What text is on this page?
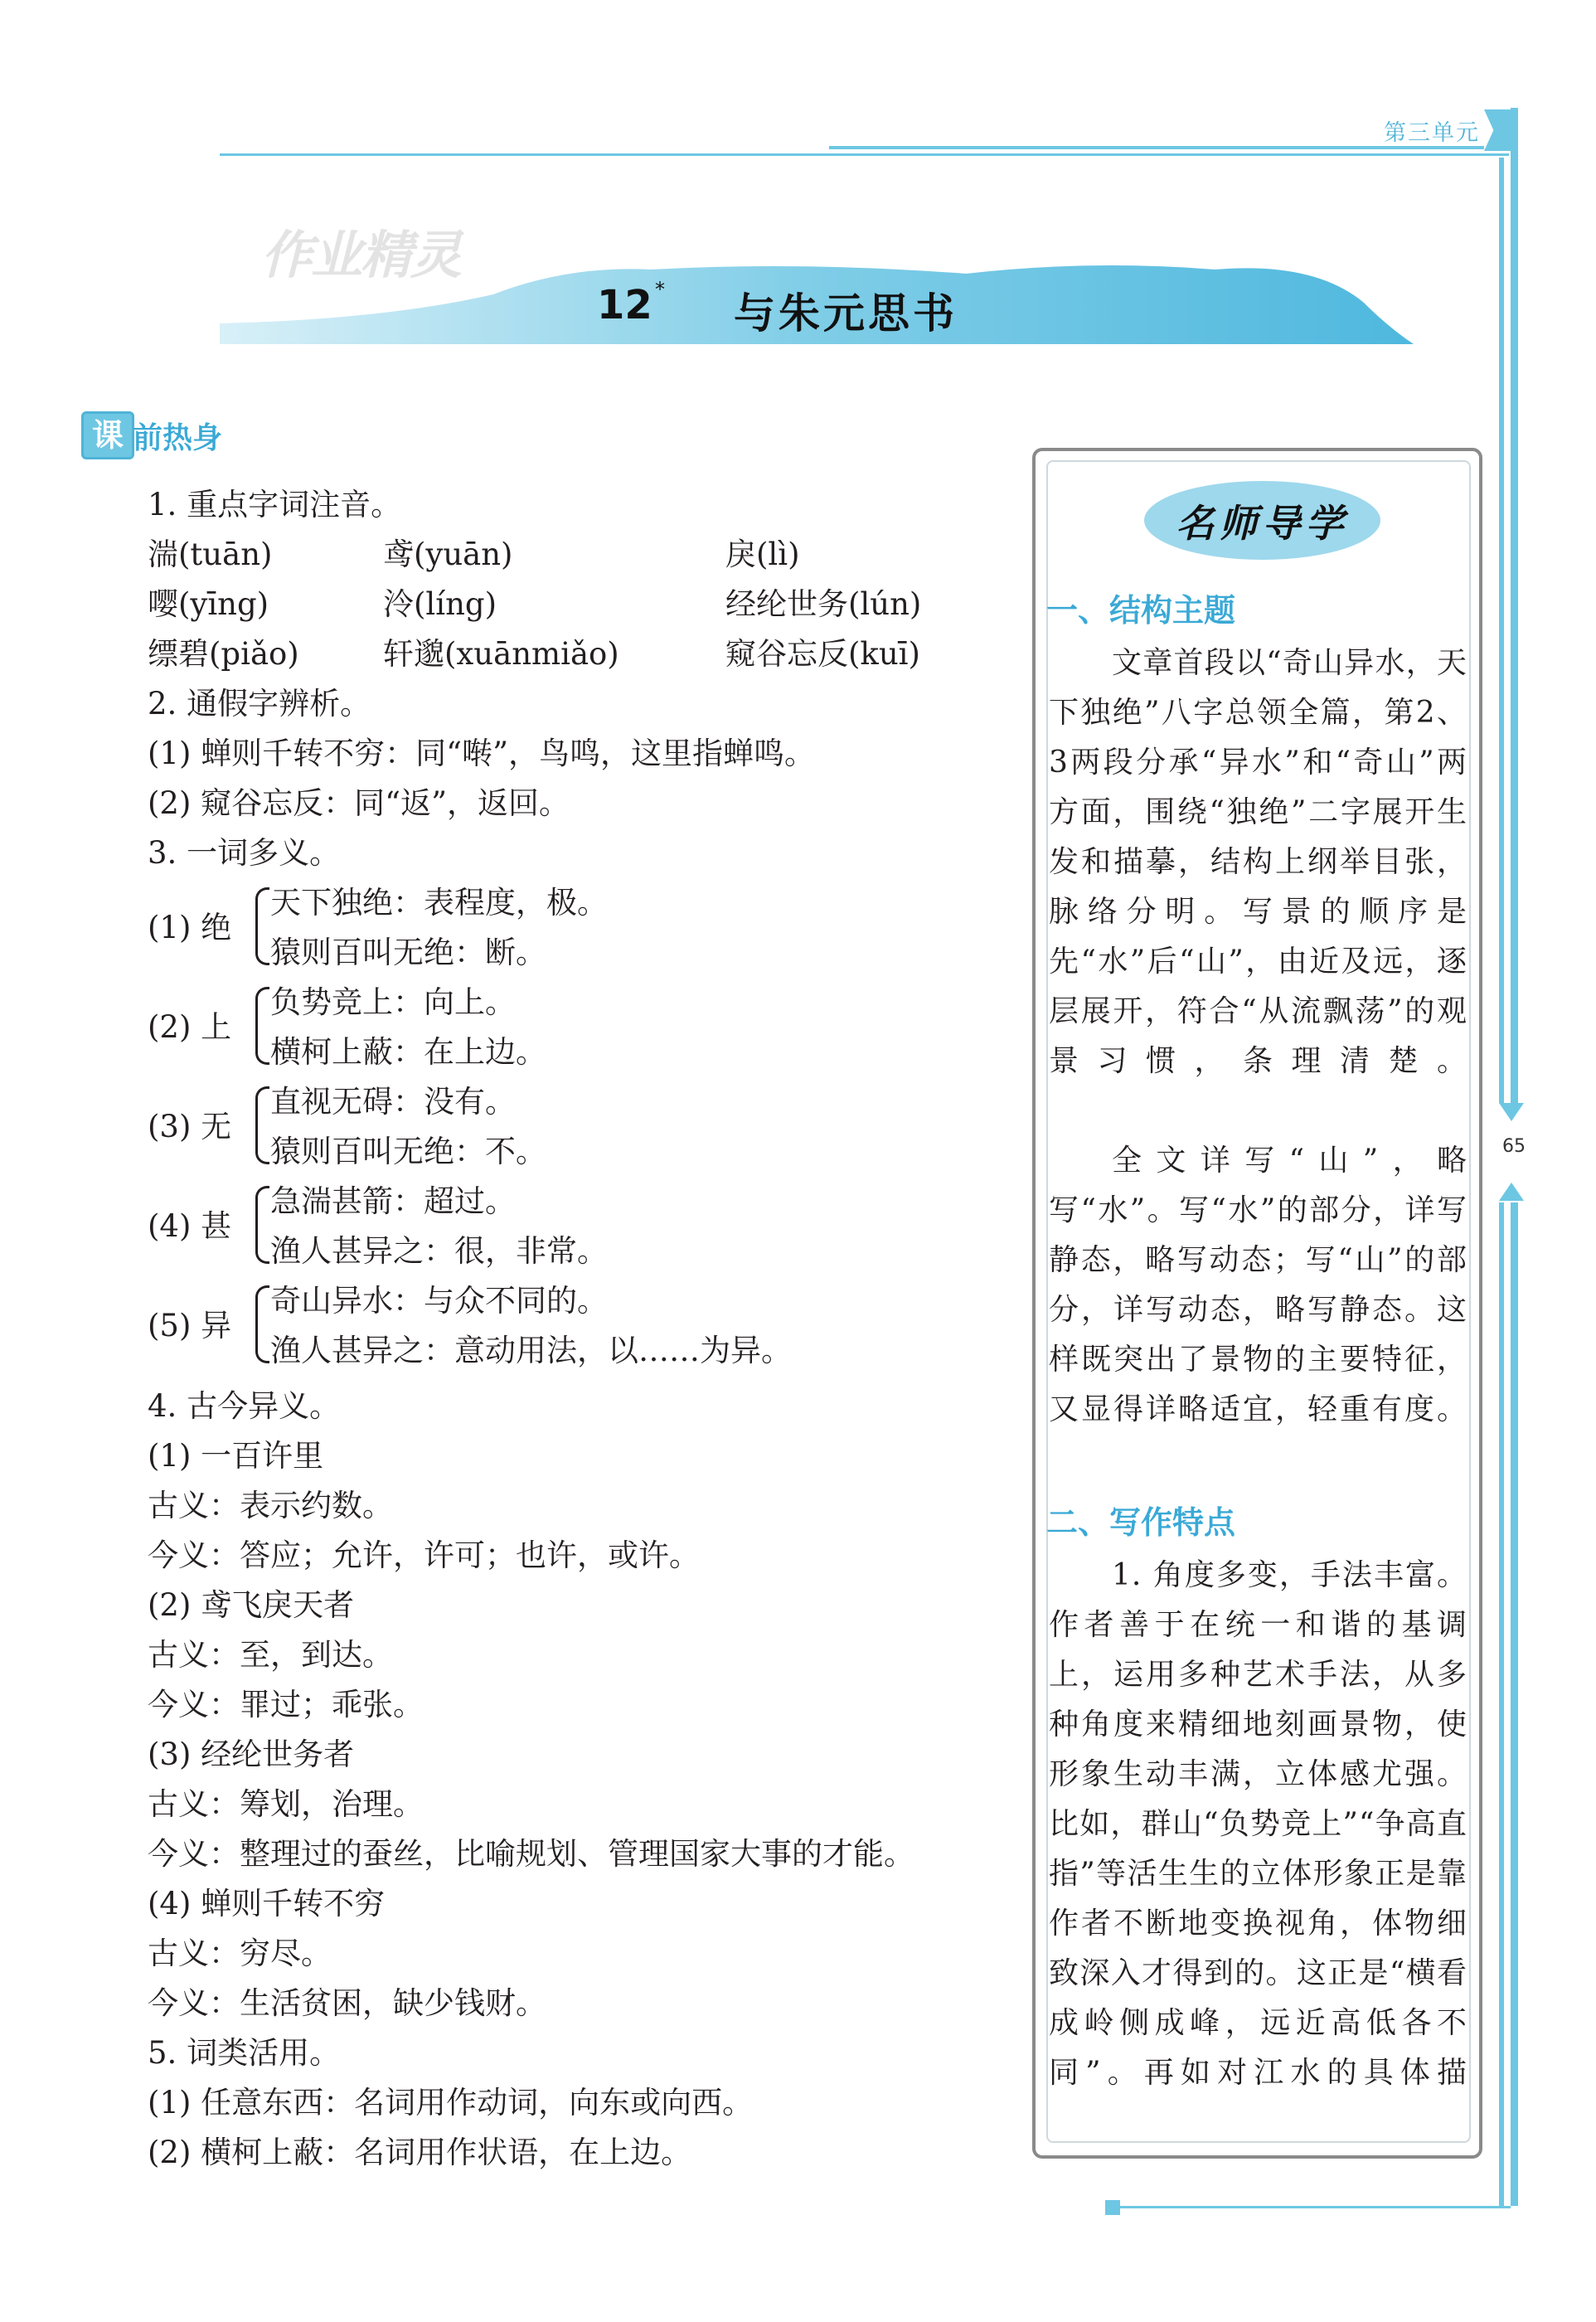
第三单元
65
作业精灵
12 * 与朱元思书
课 前热身
1. 重点字词注音。
湍(tuān)	鸢(yuān)	戾(lì)
嘤(yīng)	泠(líng)	经纶世务(lún)
缥碧(piǎo)	轩邈(xuānmiǎo)	窥谷忘反(kuī)
2. 通假字辨析。
(1) 蝉则千转不穷：同“啭”，鸟鸣，这里指蝉鸣。
(2) 窥谷忘反：同“返”，返回。
3. 一词多义。
(1) 绝
天下独绝：表程度，极。
猿则百叫无绝：断。
(2) 上
负势竞上：向上。
横柯上蔽：在上边。
(3) 无
直视无碍：没有。
猿则百叫无绝：不。
(4) 甚
急湍甚箭：超过。
渔人甚异之：很，非常。
(5) 异
奇山异水：与众不同的。
渔人甚异之：意动用法，以……为异。
4. 古今异义。
(1) 一百许里
古义：表示约数。
今义：答应；允许，许可；也许，或许。
(2) 鸢飞戾天者
古义：至，到达。
今义：罪过；乖张。
(3) 经纶世务者
古义：筹划，治理。
今义：整理过的蚕丝，比喻规划、管理国家大事的才能。
(4) 蝉则千转不穷
古义：穷尽。
今义：生活贫困，缺少钱财。
5. 词类活用。
(1) 任意东西：名词用作动词，向东或向西。
(2) 横柯上蔽：名词用作状语，在上边。
名师导学
一、结构主题
文章首段以“奇山异水，天下独绝”八字总领全篇，第2、3两段分承“异水”和“奇山”两方面，围绕“独绝”二字展开生发和描摹，结构上纲举目张，脉络分明。写景的顺序是先“水”后“山”，由近及远，逐层展开，符合“从流飘荡”的观景习惯，条理清楚。
全文详写“山”，略写“水”。写“水”的部分，详写静态，略写动态；写“山”的部分，详写动态，略写静态。这样既突出了景物的主要特征，又显得详略适宜，轻重有度。
二、写作特点
1. 角度多变，手法丰富。作者善于在统一和谐的基调上，运用多种艺术手法，从多种角度来精细地刻画景物，使形象生动丰满，立体感尤强。比如，群山“负势竞上”“争高直指”等活生生的立体形象正是靠作者不断地变换视角，体物细致深入才得到的。这正是“横看成岭侧成峰，远近高低各不同”。再如对江水的具体描
